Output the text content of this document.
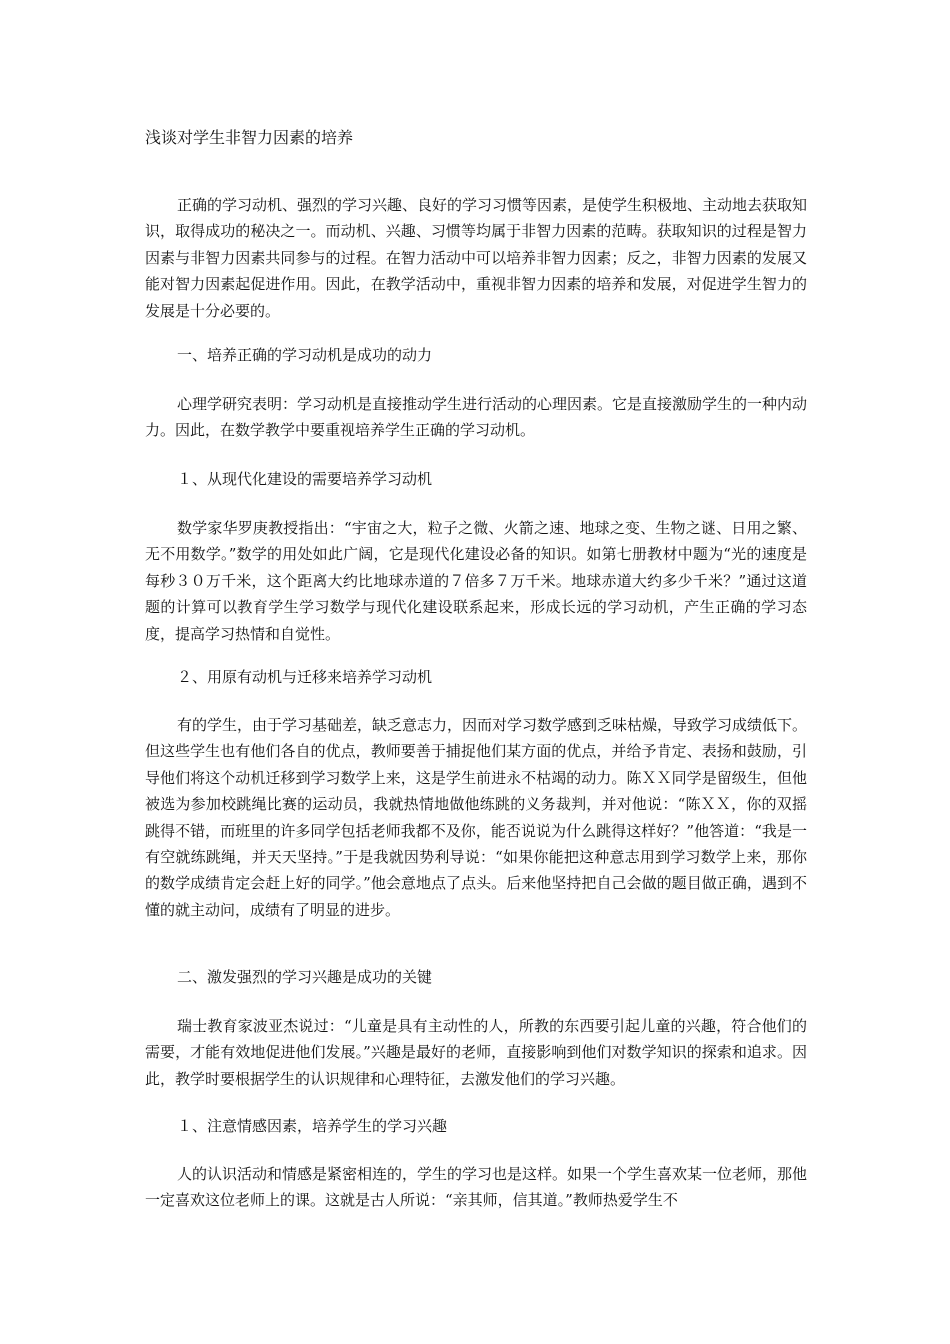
浅谈对学生非智力因素的培养

正确的学习动机、强烈的学习兴趣、良好的学习习惯等因素，是使学生积极地、主动地去获取知识，取得成功的秘决之一。而动机、兴趣、习惯等均属于非智力因素的范畴。获取知识的过程是智力因素与非智力因素共同参与的过程。在智力活动中可以培养非智力因素；反之，非智力因素的发展又能对智力因素起促进作用。因此，在教学活动中，重视非智力因素的培养和发展，对促进学生智力的发展是十分必要的。

一、培养正确的学习动机是成功的动力

心理学研究表明：学习动机是直接推动学生进行活动的心理因素。它是直接激励学生的一种内动力。因此，在数学教学中要重视培养学生正确的学习动机。

１、从现代化建设的需要培养学习动机

数学家华罗庚教授指出：“宇宙之大，粒子之微、火箭之速、地球之变、生物之谜、日用之繁、无不用数学。”数学的用处如此广阔，它是现代化建设必备的知识。如第七册教材中题为“光的速度是每秒３０万千米，这个距离大约比地球赤道的７倍多７万千米。地球赤道大约多少千米？”通过这道题的计算可以教育学生学习数学与现代化建设联系起来，形成长远的学习动机，产生正确的学习态度，提高学习热情和自觉性。

２、用原有动机与迁移来培养学习动机

有的学生，由于学习基础差，缺乏意志力，因而对学习数学感到乏味枯燥，导致学习成绩低下。但这些学生也有他们各自的优点，教师要善于捕捉他们某方面的优点，并给予肯定、表扬和鼓励，引导他们将这个动机迁移到学习数学上来，这是学生前进永不枯竭的动力。陈ＸＸ同学是留级生，但他被选为参加校跳绳比赛的运动员，我就热情地做他练跳的义务裁判，并对他说：“陈ＸＸ，你的双摇跳得不错，而班里的许多同学包括老师我都不及你，能否说说为什么跳得这样好？”他答道：“我是一有空就练跳绳，并天天坚持。”于是我就因势利导说：“如果你能把这种意志用到学习数学上来，那你的数学成绩肯定会赶上好的同学。”他会意地点了点头。后来他坚持把自己会做的题目做正确，遇到不懂的就主动问，成绩有了明显的进步。

二、激发强烈的学习兴趣是成功的关键

瑞士教育家波亚杰说过：“儿童是具有主动性的人，所教的东西要引起儿童的兴趣，符合他们的需要，才能有效地促进他们发展。”兴趣是最好的老师，直接影响到他们对数学知识的探索和追求。因此，教学时要根据学生的认识规律和心理特征，去激发他们的学习兴趣。

１、注意情感因素，培养学生的学习兴趣

人的认识活动和情感是紧密相连的，学生的学习也是这样。如果一个学生喜欢某一位老师，那他一定喜欢这位老师上的课。这就是古人所说：“亲其师，信其道。”教师热爱学生不
